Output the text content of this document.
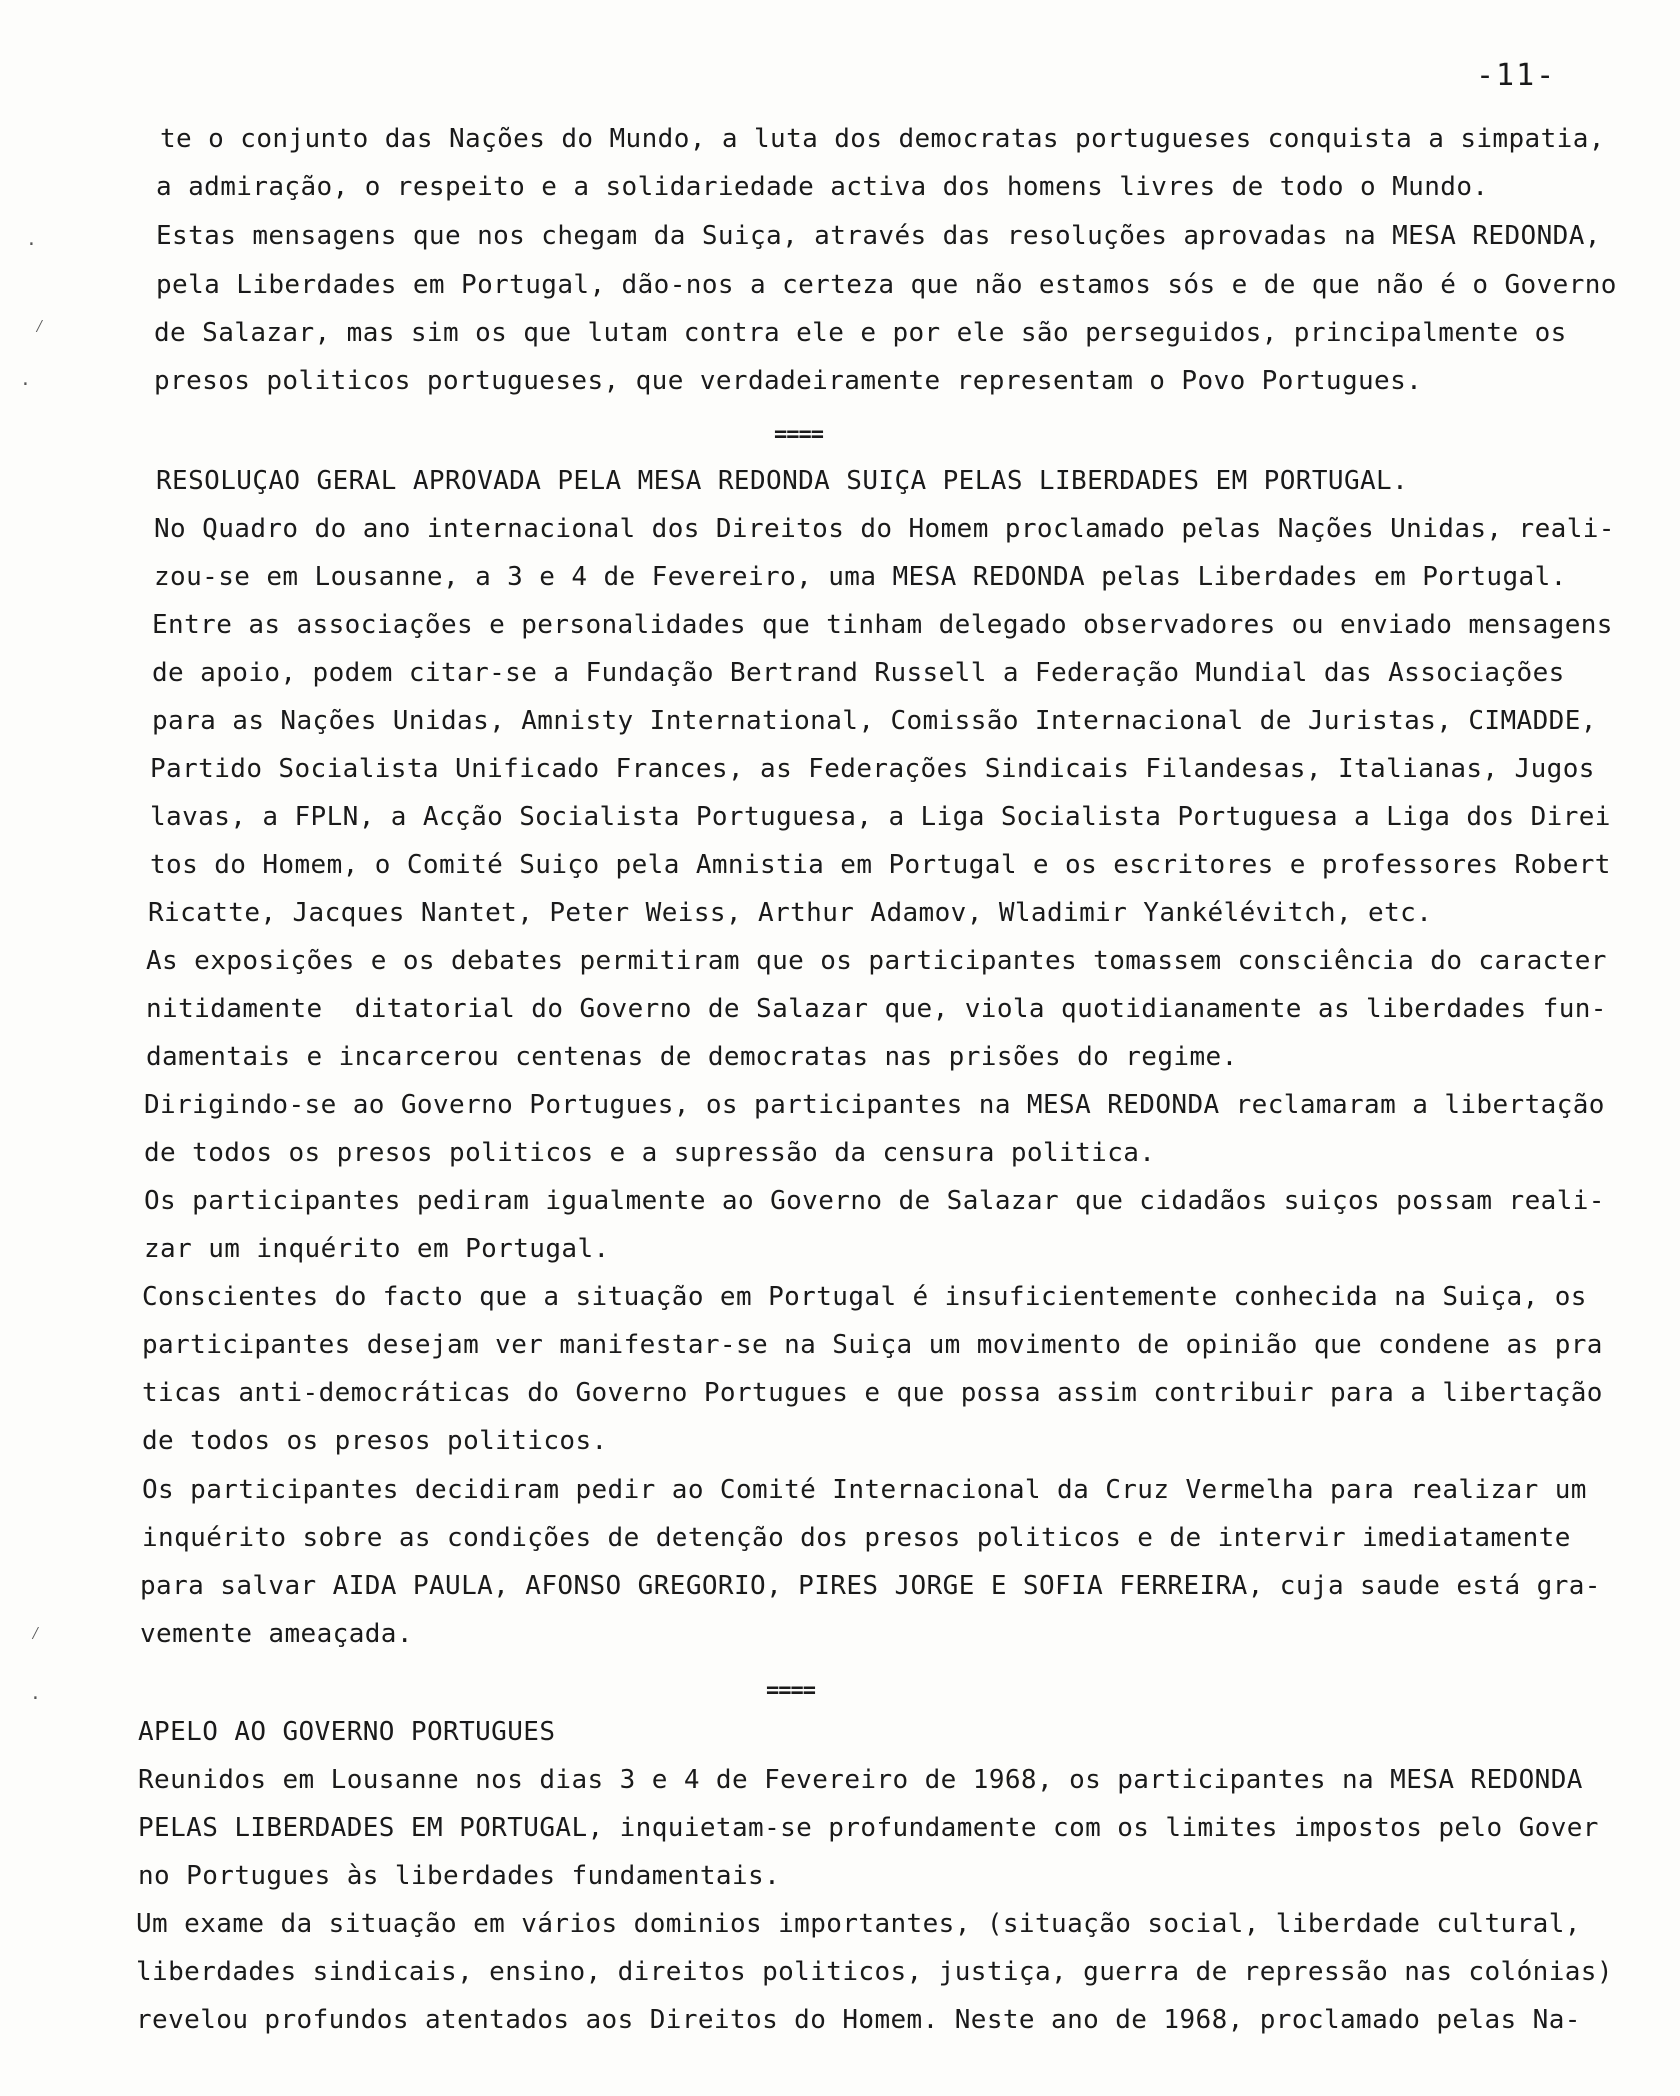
-11-
te o conjunto das Nações do Mundo, a luta dos democratas portugueses conquista a simpatia,
a admiração, o respeito e a solidariedade activa dos homens livres de todo o Mundo.
Estas mensagens que nos chegam da Suiça, através das resoluções aprovadas na MESA REDONDA,
pela Liberdades em Portugal, dão-nos a certeza que não estamos sós e de que não é o Governo
de Salazar, mas sim os que lutam contra ele e por ele são perseguidos, principalmente os
presos politicos portugueses, que verdadeiramente representam o Povo Portugues.
====
RESOLUÇAO GERAL APROVADA PELA MESA REDONDA SUIÇA PELAS LIBERDADES EM PORTUGAL.
No Quadro do ano internacional dos Direitos do Homem proclamado pelas Nações Unidas, reali-
zou-se em Lousanne, a 3 e 4 de Fevereiro, uma MESA REDONDA pelas Liberdades em Portugal.
Entre as associações e personalidades que tinham delegado observadores ou enviado mensagens
de apoio, podem citar-se a Fundação Bertrand Russell a Federação Mundial das Associações
para as Nações Unidas, Amnisty International, Comissão Internacional de Juristas, CIMADDE,
Partido Socialista Unificado Frances, as Federações Sindicais Filandesas, Italianas, Jugos
lavas, a FPLN, a Acção Socialista Portuguesa, a Liga Socialista Portuguesa a Liga dos Direi
tos do Homem, o Comité Suiço pela Amnistia em Portugal e os escritores e professores Robert
Ricatte, Jacques Nantet, Peter Weiss, Arthur Adamov, Wladimir Yankélévitch, etc.
As exposições e os debates permitiram que os participantes tomassem consciência do caracter
nitidamente  ditatorial do Governo de Salazar que, viola quotidianamente as liberdades fun-
damentais e incarcerou centenas de democratas nas prisões do regime.
Dirigindo-se ao Governo Portugues, os participantes na MESA REDONDA reclamaram a libertação
de todos os presos politicos e a supressão da censura politica.
Os participantes pediram igualmente ao Governo de Salazar que cidadãos suiços possam reali-
zar um inquérito em Portugal.
Conscientes do facto que a situação em Portugal é insuficientemente conhecida na Suiça, os
participantes desejam ver manifestar-se na Suiça um movimento de opinião que condene as pra
ticas anti-democráticas do Governo Portugues e que possa assim contribuir para a libertação
de todos os presos politicos.
Os participantes decidiram pedir ao Comité Internacional da Cruz Vermelha para realizar um
inquérito sobre as condições de detenção dos presos politicos e de intervir imediatamente
para salvar AIDA PAULA, AFONSO GREGORIO, PIRES JORGE E SOFIA FERREIRA, cuja saude está gra-
vemente ameaçada.
====
APELO AO GOVERNO PORTUGUES
Reunidos em Lousanne nos dias 3 e 4 de Fevereiro de 1968, os participantes na MESA REDONDA
PELAS LIBERDADES EM PORTUGAL, inquietam-se profundamente com os limites impostos pelo Gover
no Portugues às liberdades fundamentais.
Um exame da situação em vários dominios importantes, (situação social, liberdade cultural,
liberdades sindicais, ensino, direitos politicos, justiça, guerra de repressão nas colónias)
revelou profundos atentados aos Direitos do Homem. Neste ano de 1968, proclamado pelas Na-
·
⁄
·
⁄
·
